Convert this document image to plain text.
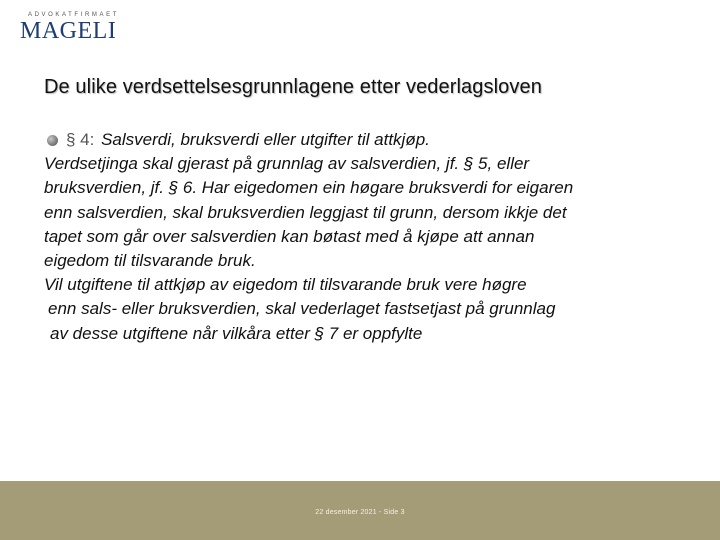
ADVOKATFIRMAET
MAGELI
De ulike verdsettelsesgrunnlagene etter vederlagsloven
§ 4: Salsverdi, bruksverdi eller utgifter til attkjøp.
Verdsetjinga skal gjerast på grunnlag av salsverdien, jf. § 5, eller
bruksverdien, jf. § 6. Har eigedomen ein høgare bruksverdi for eigaren
enn salsverdien, skal bruksverdien leggjast til grunn, dersom ikkje det
tapet som går over salsverdien kan bøtast med å kjøpe att annan
eigedom til tilsvarande bruk.
Vil utgiftene til attkjøp av eigedom til tilsvarande bruk vere høgre
enn sals- eller bruksverdien, skal vederlaget fastsetjast på grunnlag
av desse utgiftene når vilkåra etter § 7 er oppfylte
22 desember 2021 - Side 3
